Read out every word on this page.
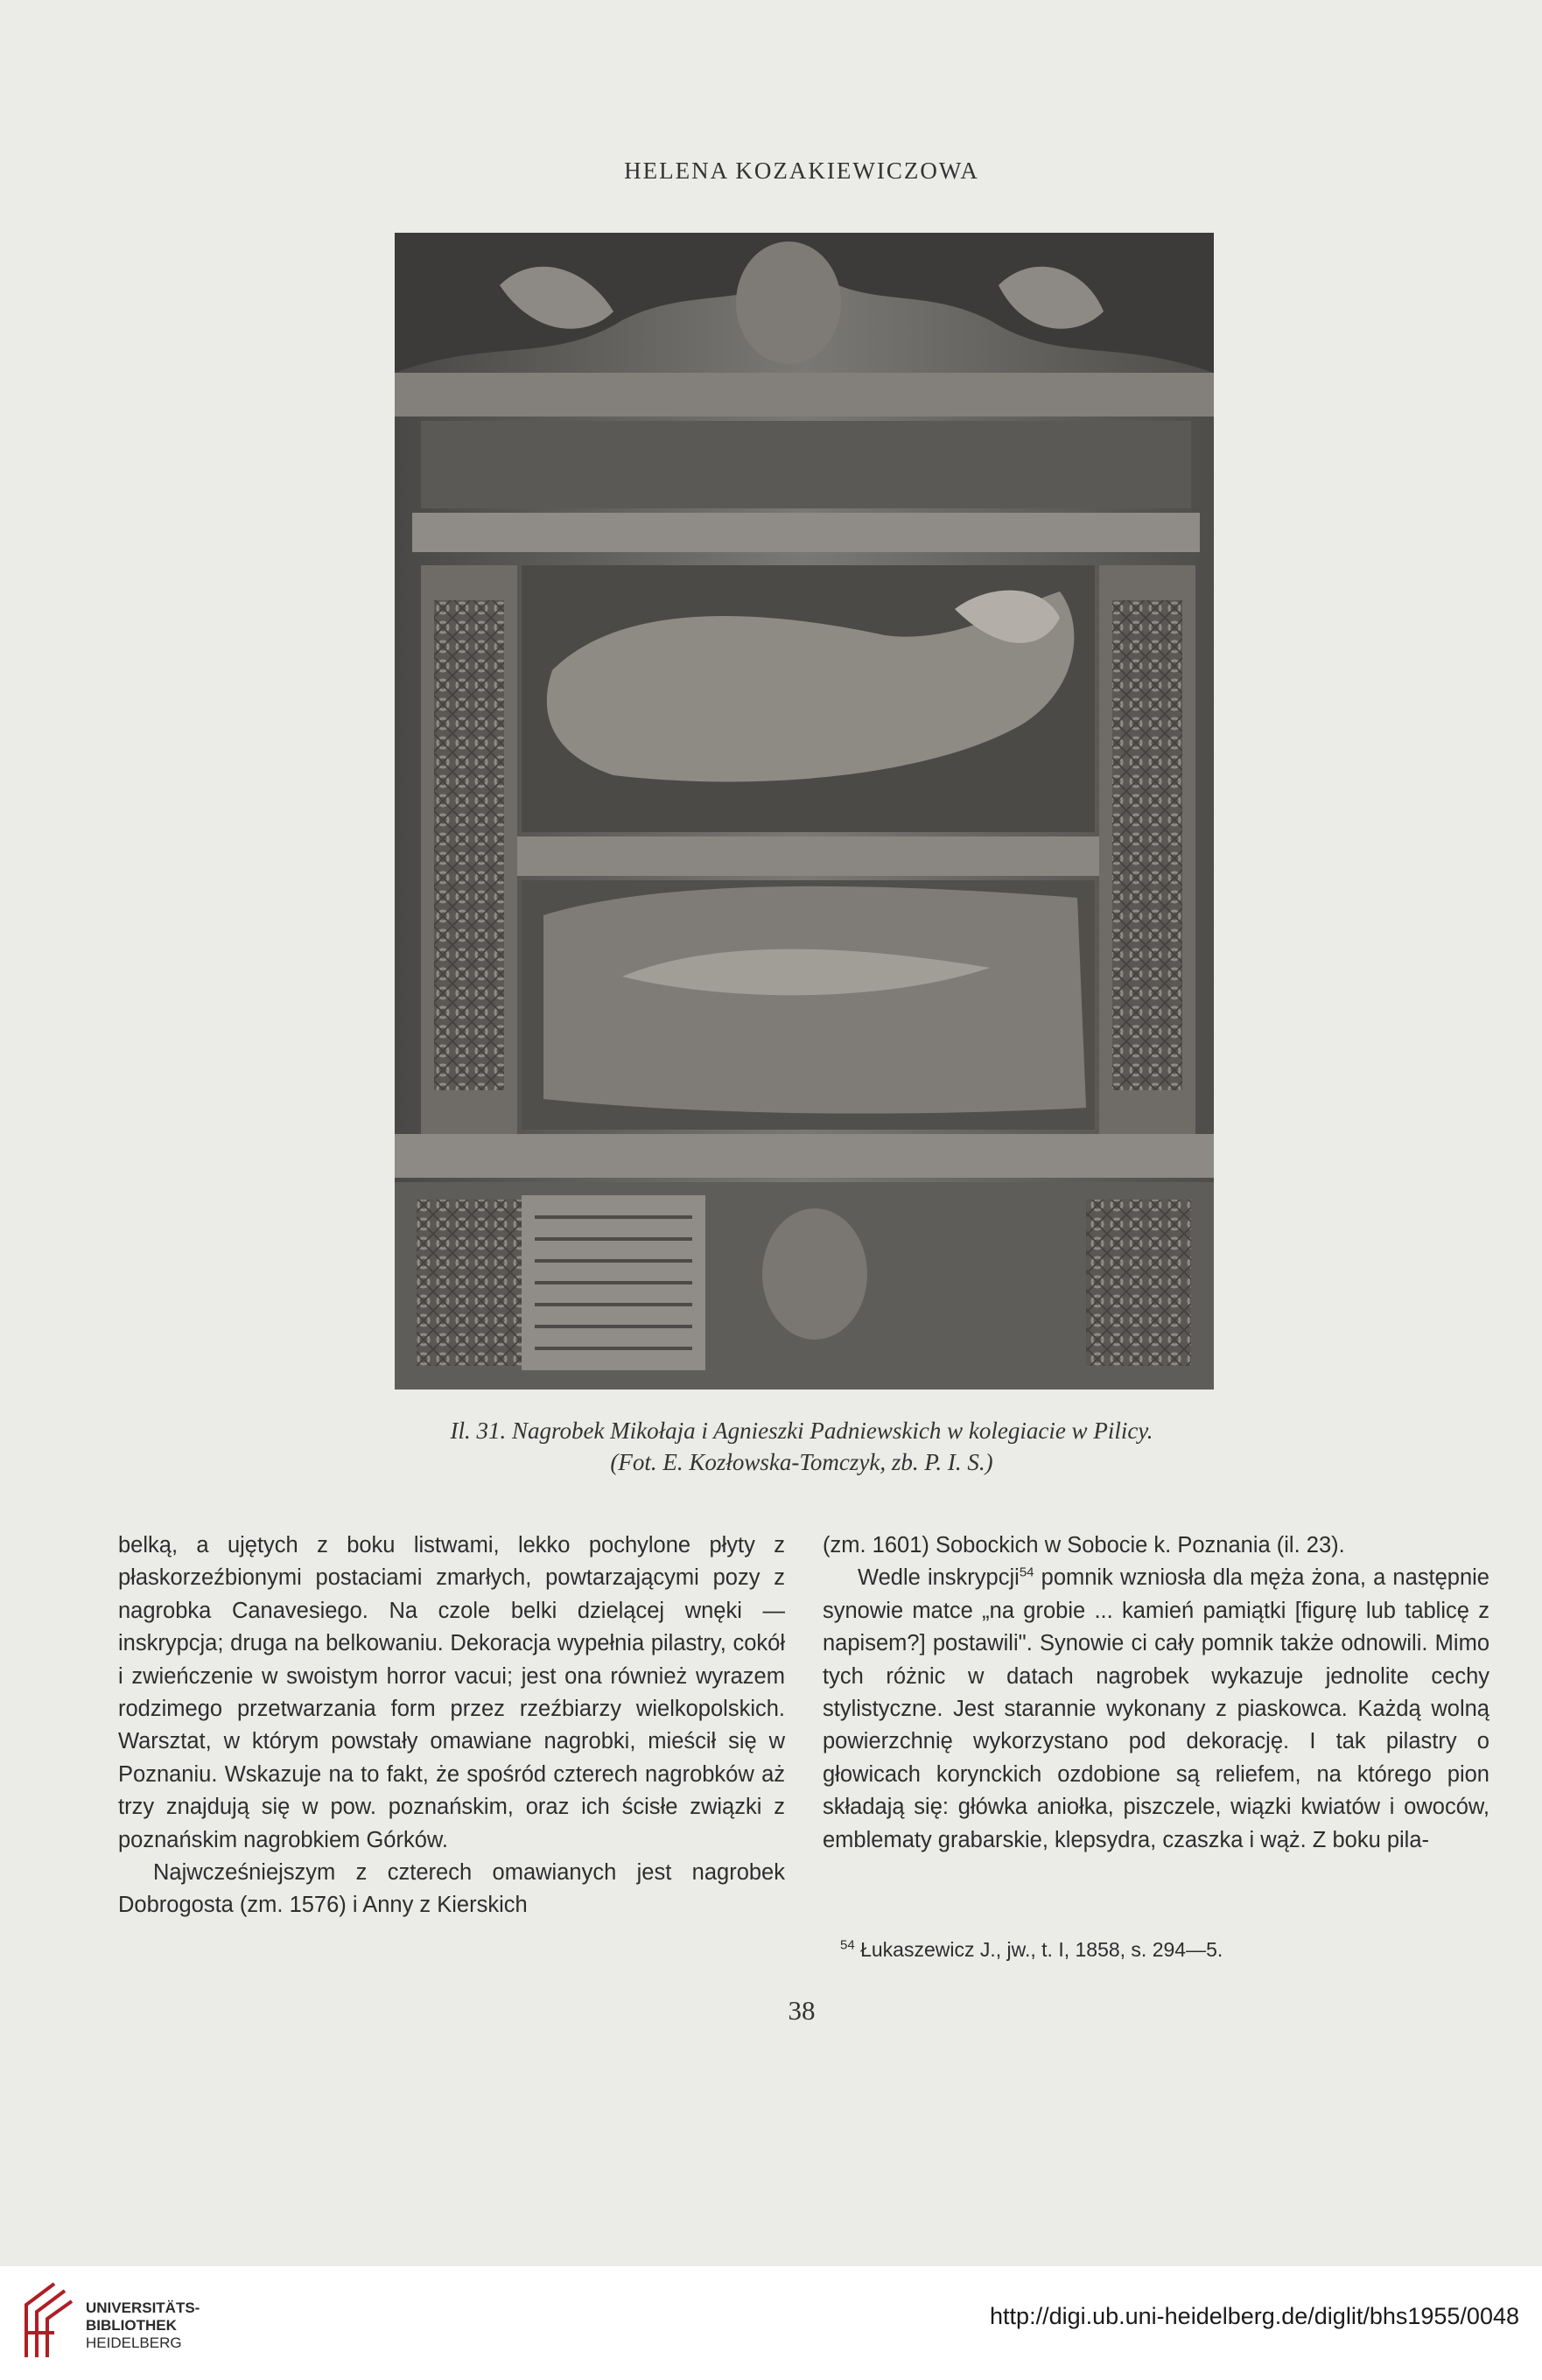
HELENA KOZAKIEWICZOWA
Il. 31. Nagrobek Mikołaja i Agnieszki Padniewskich w kolegiacie w Pilicy.
(Fot. E. Kozłowska-Tomczyk, zb. P. I. S.)

belką, a ujętych z boku listwami, lekko pochylone płyty z płaskorzeźbionymi postaciami zmarłych, powtarzającymi pozy z nagrobka Canavesiego. Na czole belki dzielącej wnęki — inskrypcja; druga na belkowaniu. Dekoracja wypełnia pilastry, cokół i zwieńczenie w swoistym horror vacui; jest ona również wyrazem rodzimego przetwarzania form przez rzeźbiarzy wielkopolskich. Warsztat, w którym powstały omawiane nagrobki, mieścił się w Poznaniu. Wskazuje na to fakt, że spośród czterech nagrobków aż trzy znajdują się w pow. poznańskim, oraz ich ścisłe związki z poznańskim nagrobkiem Górków.

Najwcześniejszym z czterech omawianych jest nagrobek Dobrogosta (zm. 1576) i Anny z Kierskich

(zm. 1601) Sobockich w Sobocie k. Poznania (il. 23).

Wedle inskrypcji$^{54}$ pomnik wzniosła dla męża żona, a następnie synowie matce „na grobie ... kamień pamiątki [figurę lub tablicę z napisem?] postawili". Synowie ci cały pomnik także odnowili. Mimo tych różnic w datach nagrobek wykazuje jednolite cechy stylistyczne. Jest starannie wykonany z piaskowca. Każdą wolną powierzchnię wykorzystano pod dekorację. I tak pilastry o głowicach korynckich ozdobione są reliefem, na którego pion składają się: główka aniołka, piszczele, wiązki kwiatów i owoców, emblematy grabarskie, klepsydra, czaszka i wąż. Z boku pila-

$^{54}$ Łukaszewicz J., jw., t. I, 1858, s. 294—5.
38
UNIVERSITÄTS-
BIBLIOTHEK
HEIDELBERG
http://digi.ub.uni-heidelberg.de/diglit/bhs1955/0048
